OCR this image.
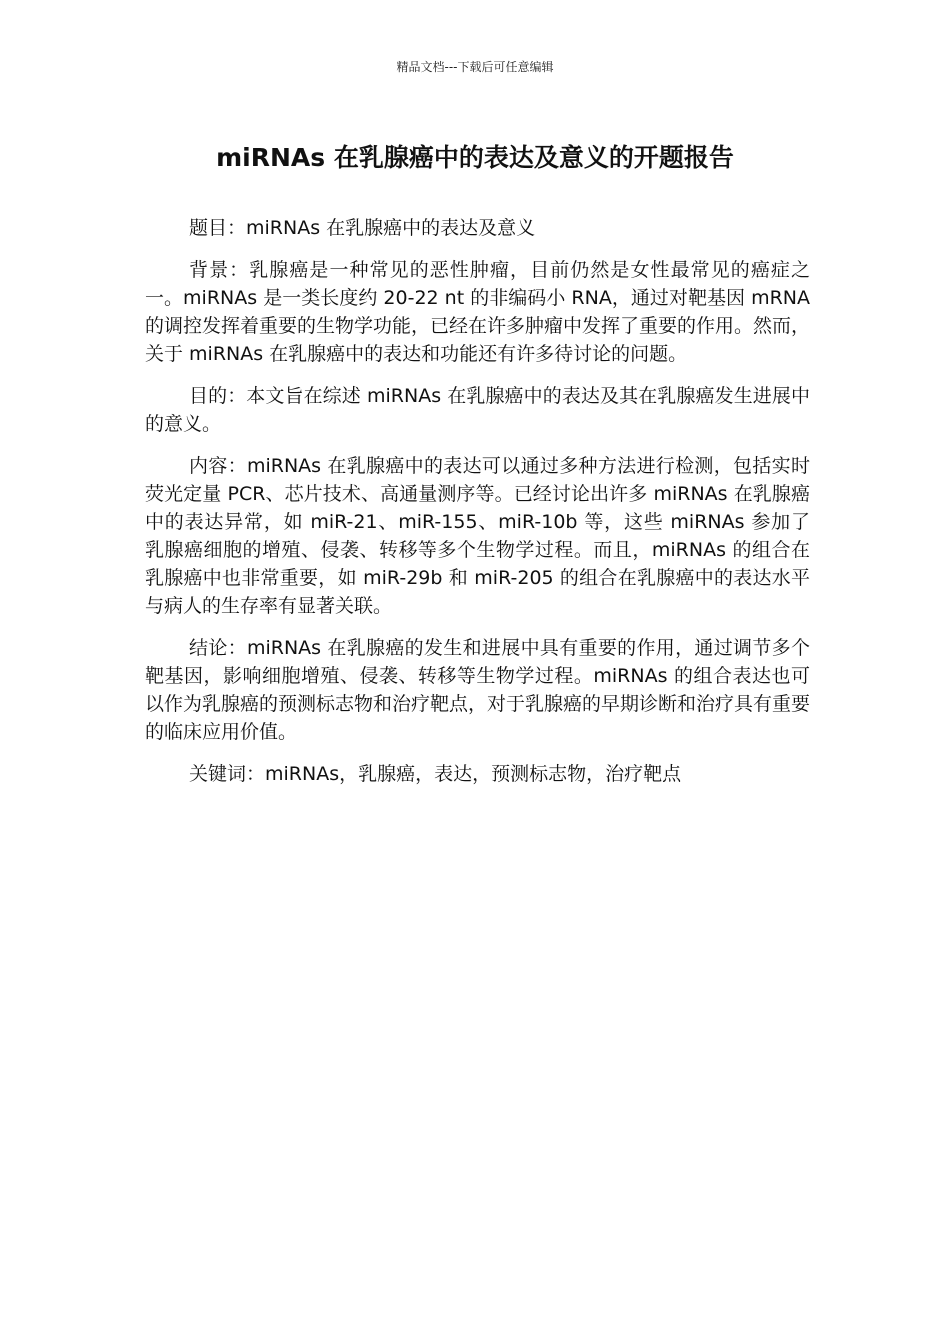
精品文档---下载后可任意编辑
miRNAs 在乳腺癌中的表达及意义的开题报告

题目：miRNAs 在乳腺癌中的表达及意义

背景：乳腺癌是一种常见的恶性肿瘤，目前仍然是女性最常见的癌症之一。miRNAs 是一类长度约 20-22 nt 的非编码小 RNA，通过对靶基因 mRNA 的调控发挥着重要的生物学功能，已经在许多肿瘤中发挥了重要的作用。然而，关于 miRNAs 在乳腺癌中的表达和功能还有许多待讨论的问题。

目的：本文旨在综述 miRNAs 在乳腺癌中的表达及其在乳腺癌发生进展中的意义。

内容：miRNAs 在乳腺癌中的表达可以通过多种方法进行检测，包括实时荧光定量 PCR、芯片技术、高通量测序等。已经讨论出许多 miRNAs 在乳腺癌中的表达异常，如 miR-21、miR-155、miR-10b 等，这些 miRNAs 参加了乳腺癌细胞的增殖、侵袭、转移等多个生物学过程。而且，miRNAs 的组合在乳腺癌中也非常重要，如 miR-29b 和 miR-205 的组合在乳腺癌中的表达水平与病人的生存率有显著关联。

结论：miRNAs 在乳腺癌的发生和进展中具有重要的作用，通过调节多个靶基因，影响细胞增殖、侵袭、转移等生物学过程。miRNAs 的组合表达也可以作为乳腺癌的预测标志物和治疗靶点，对于乳腺癌的早期诊断和治疗具有重要的临床应用价值。

关键词：miRNAs，乳腺癌，表达，预测标志物，治疗靶点
